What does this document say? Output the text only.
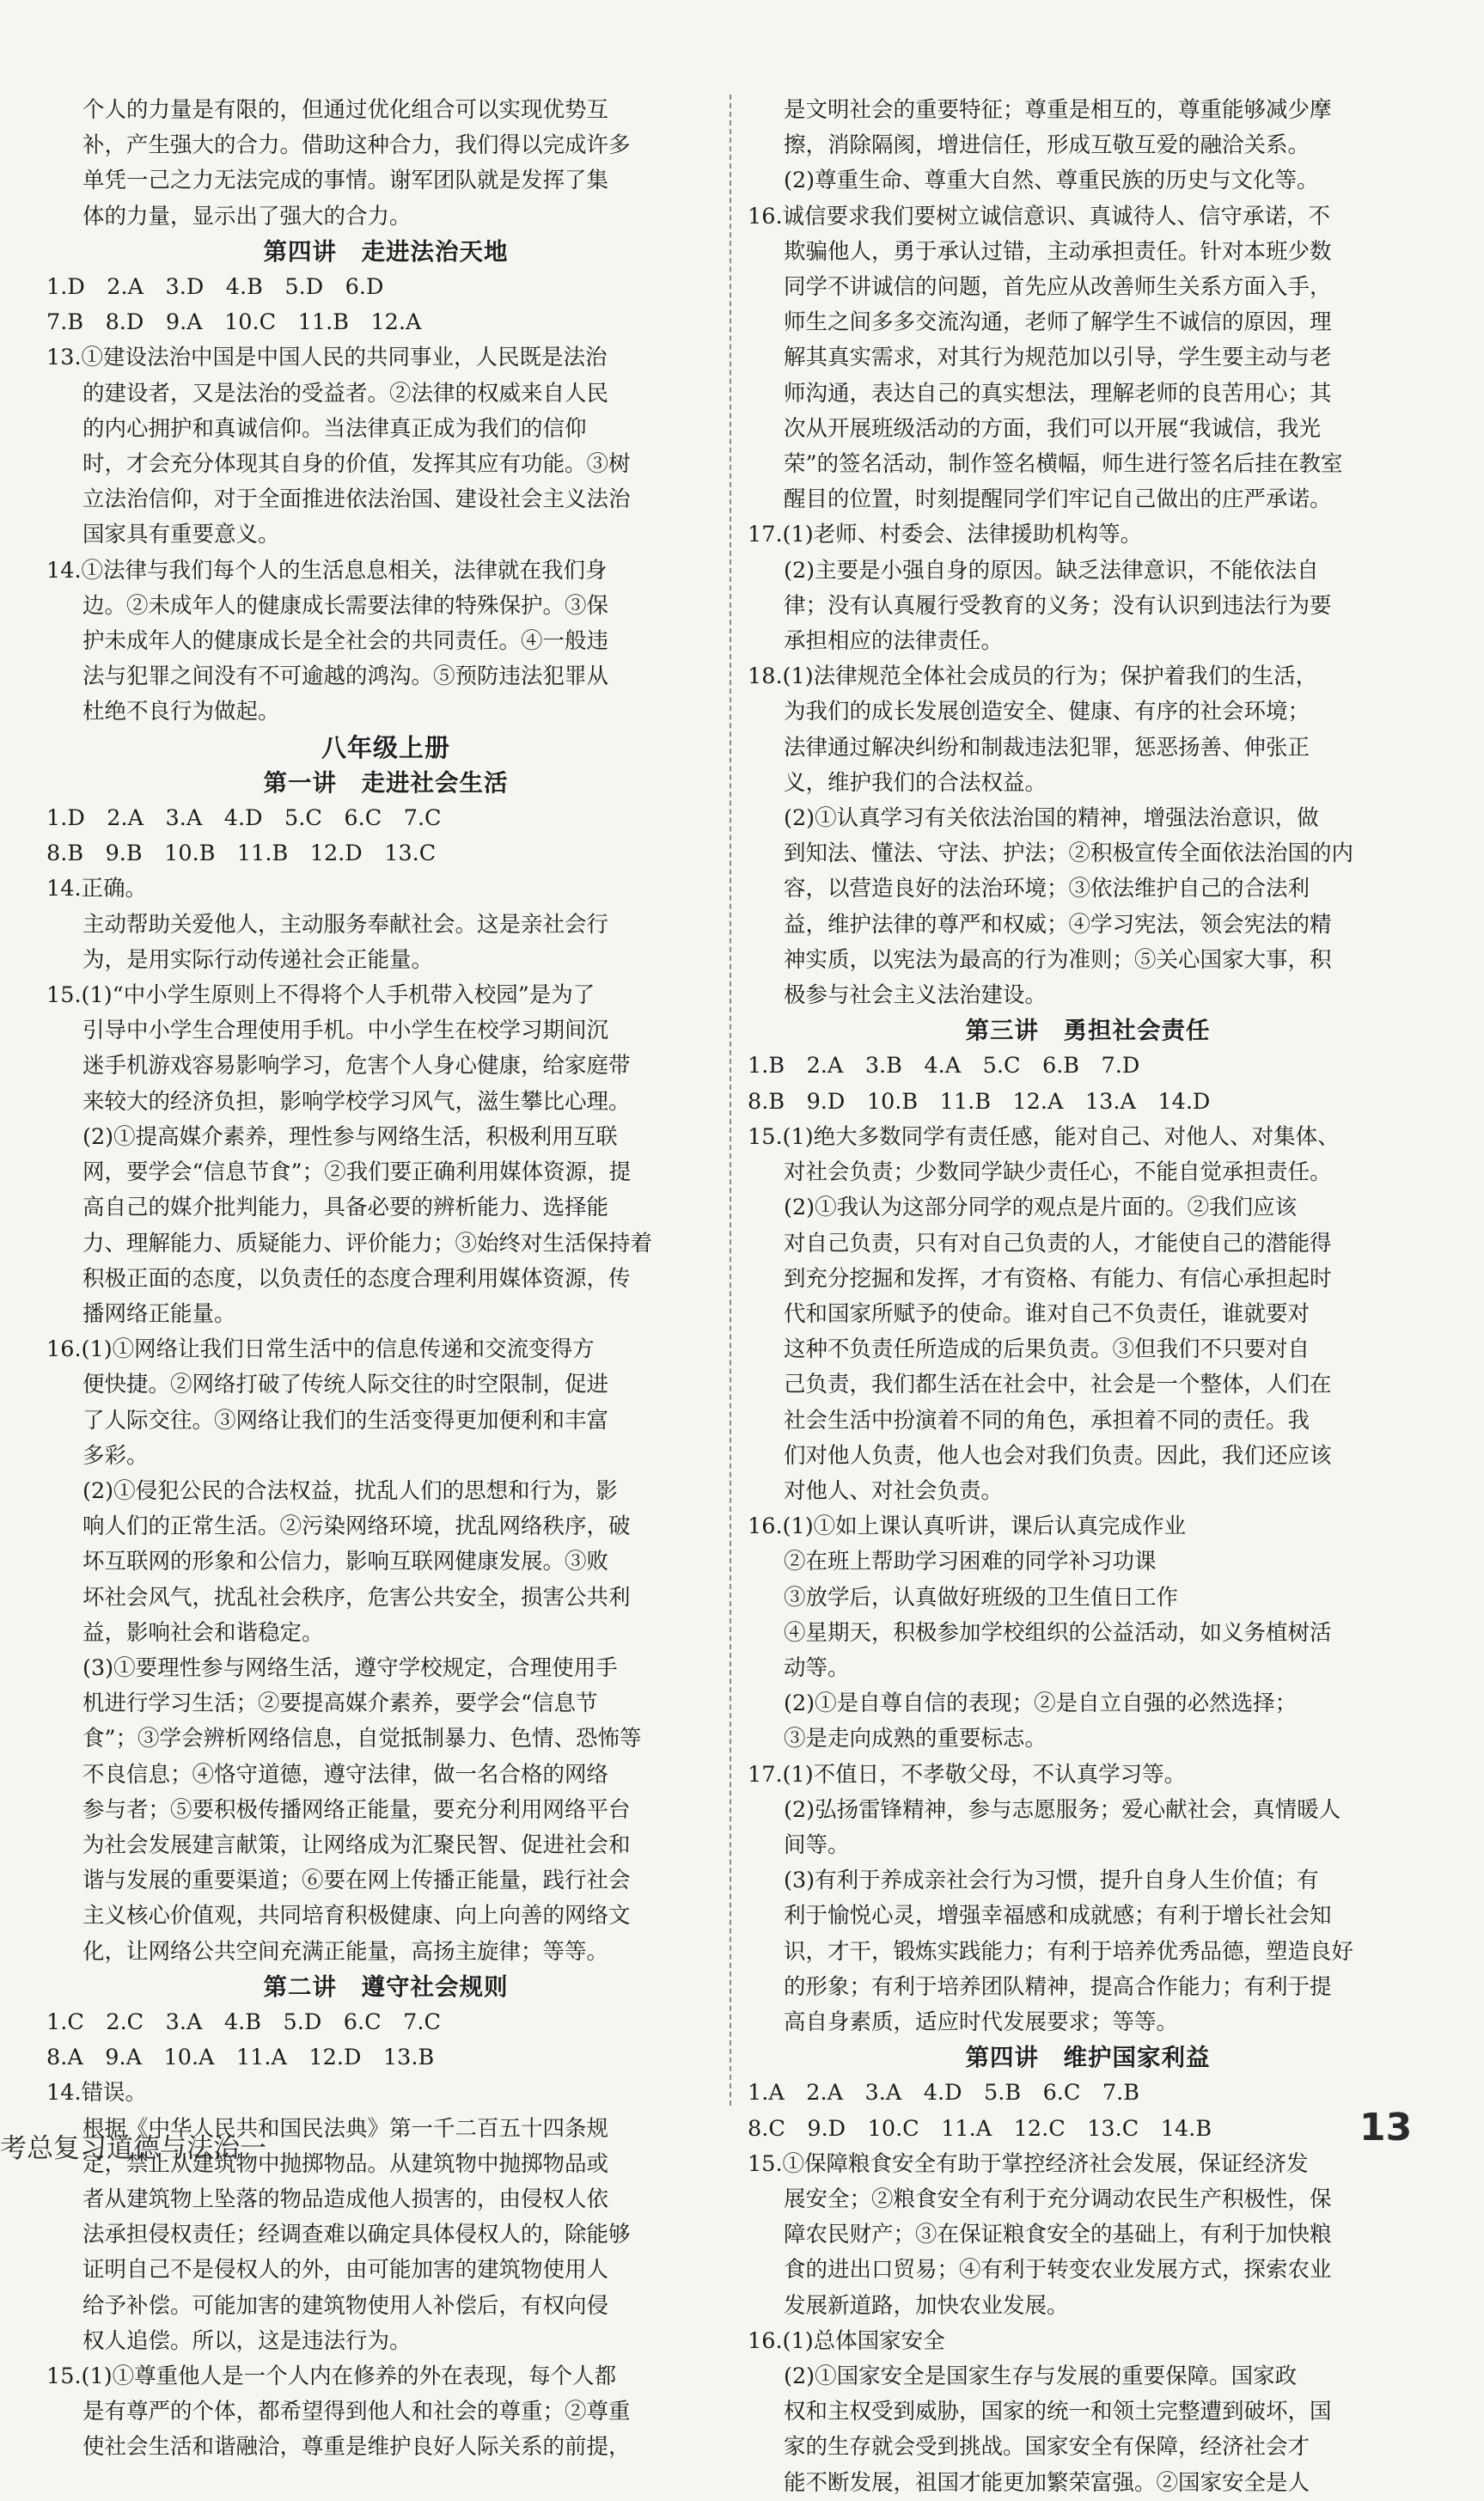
个人的力量是有限的，但通过优化组合可以实现优势互
补，产生强大的合力。借助这种合力，我们得以完成许多
单凭一己之力无法完成的事情。谢军团队就是发挥了集
体的力量，显示出了强大的合力。
第四讲　走进法治天地
1.D　2.A　3.D　4.B　5.D　6.D
7.B　8.D　9.A　10.C　11.B　12.A
13.①建设法治中国是中国人民的共同事业，人民既是法治
的建设者，又是法治的受益者。②法律的权威来自人民
的内心拥护和真诚信仰。当法律真正成为我们的信仰
时，才会充分体现其自身的价值，发挥其应有功能。③树
立法治信仰，对于全面推进依法治国、建设社会主义法治
国家具有重要意义。
14.①法律与我们每个人的生活息息相关，法律就在我们身
边。②未成年人的健康成长需要法律的特殊保护。③保
护未成年人的健康成长是全社会的共同责任。④一般违
法与犯罪之间没有不可逾越的鸿沟。⑤预防违法犯罪从
杜绝不良行为做起。
八年级上册
第一讲　走进社会生活
1.D　2.A　3.A　4.D　5.C　6.C　7.C
8.B　9.B　10.B　11.B　12.D　13.C
14.正确。
主动帮助关爱他人，主动服务奉献社会。这是亲社会行
为，是用实际行动传递社会正能量。
15.(1)“中小学生原则上不得将个人手机带入校园”是为了
引导中小学生合理使用手机。中小学生在校学习期间沉
迷手机游戏容易影响学习，危害个人身心健康，给家庭带
来较大的经济负担，影响学校学习风气，滋生攀比心理。
(2)①提高媒介素养，理性参与网络生活，积极利用互联
网，要学会“信息节食”；②我们要正确利用媒体资源，提
高自己的媒介批判能力，具备必要的辨析能力、选择能
力、理解能力、质疑能力、评价能力；③始终对生活保持着
积极正面的态度，以负责任的态度合理利用媒体资源，传
播网络正能量。
16.(1)①网络让我们日常生活中的信息传递和交流变得方
便快捷。②网络打破了传统人际交往的时空限制，促进
了人际交往。③网络让我们的生活变得更加便利和丰富
多彩。
(2)①侵犯公民的合法权益，扰乱人们的思想和行为，影
响人们的正常生活。②污染网络环境，扰乱网络秩序，破
坏互联网的形象和公信力，影响互联网健康发展。③败
坏社会风气，扰乱社会秩序，危害公共安全，损害公共利
益，影响社会和谐稳定。
(3)①要理性参与网络生活，遵守学校规定，合理使用手
机进行学习生活；②要提高媒介素养，要学会“信息节
食”；③学会辨析网络信息，自觉抵制暴力、色情、恐怖等
不良信息；④恪守道德，遵守法律，做一名合格的网络
参与者；⑤要积极传播网络正能量，要充分利用网络平台
为社会发展建言献策，让网络成为汇聚民智、促进社会和
谐与发展的重要渠道；⑥要在网上传播正能量，践行社会
主义核心价值观，共同培育积极健康、向上向善的网络文
化，让网络公共空间充满正能量，高扬主旋律；等等。
第二讲　遵守社会规则
1.C　2.C　3.A　4.B　5.D　6.C　7.C
8.A　9.A　10.A　11.A　12.D　13.B
14.错误。
根据《中华人民共和国民法典》第一千二百五十四条规
定，禁止从建筑物中抛掷物品。从建筑物中抛掷物品或
者从建筑物上坠落的物品造成他人损害的，由侵权人依
法承担侵权责任；经调查难以确定具体侵权人的，除能够
证明自己不是侵权人的外，由可能加害的建筑物使用人
给予补偿。可能加害的建筑物使用人补偿后，有权向侵
权人追偿。所以，这是违法行为。
15.(1)①尊重他人是一个人内在修养的外在表现，每个人都
是有尊严的个体，都希望得到他人和社会的尊重；②尊重
使社会生活和谐融洽，尊重是维护良好人际关系的前提，
是文明社会的重要特征；尊重是相互的，尊重能够减少摩
擦，消除隔阂，增进信任，形成互敬互爱的融洽关系。
(2)尊重生命、尊重大自然、尊重民族的历史与文化等。
16.诚信要求我们要树立诚信意识、真诚待人、信守承诺，不
欺骗他人，勇于承认过错，主动承担责任。针对本班少数
同学不讲诚信的问题，首先应从改善师生关系方面入手，
师生之间多多交流沟通，老师了解学生不诚信的原因，理
解其真实需求，对其行为规范加以引导，学生要主动与老
师沟通，表达自己的真实想法，理解老师的良苦用心；其
次从开展班级活动的方面，我们可以开展“我诚信，我光
荣”的签名活动，制作签名横幅，师生进行签名后挂在教室
醒目的位置，时刻提醒同学们牢记自己做出的庄严承诺。
17.(1)老师、村委会、法律援助机构等。
(2)主要是小强自身的原因。缺乏法律意识，不能依法自
律；没有认真履行受教育的义务；没有认识到违法行为要
承担相应的法律责任。
18.(1)法律规范全体社会成员的行为；保护着我们的生活，
为我们的成长发展创造安全、健康、有序的社会环境；
法律通过解决纠纷和制裁违法犯罪，惩恶扬善、伸张正
义，维护我们的合法权益。
(2)①认真学习有关依法治国的精神，增强法治意识，做
到知法、懂法、守法、护法；②积极宣传全面依法治国的内
容，以营造良好的法治环境；③依法维护自己的合法利
益，维护法律的尊严和权威；④学习宪法，领会宪法的精
神实质，以宪法为最高的行为准则；⑤关心国家大事，积
极参与社会主义法治建设。
第三讲　勇担社会责任
1.B　2.A　3.B　4.A　5.C　6.B　7.D
8.B　9.D　10.B　11.B　12.A　13.A　14.D
15.(1)绝大多数同学有责任感，能对自己、对他人、对集体、
对社会负责；少数同学缺少责任心，不能自觉承担责任。
(2)①我认为这部分同学的观点是片面的。②我们应该
对自己负责，只有对自己负责的人，才能使自己的潜能得
到充分挖掘和发挥，才有资格、有能力、有信心承担起时
代和国家所赋予的使命。谁对自己不负责任，谁就要对
这种不负责任所造成的后果负责。③但我们不只要对自
己负责，我们都生活在社会中，社会是一个整体，人们在
社会生活中扮演着不同的角色，承担着不同的责任。我
们对他人负责，他人也会对我们负责。因此，我们还应该
对他人、对社会负责。
16.(1)①如上课认真听讲，课后认真完成作业
②在班上帮助学习困难的同学补习功课
③放学后，认真做好班级的卫生值日工作
④星期天，积极参加学校组织的公益活动，如义务植树活
动等。
(2)①是自尊自信的表现；②是自立自强的必然选择；
③是走向成熟的重要标志。
17.(1)不值日，不孝敬父母，不认真学习等。
(2)弘扬雷锋精神，参与志愿服务；爱心献社会，真情暖人
间等。
(3)有利于养成亲社会行为习惯，提升自身人生价值；有
利于愉悦心灵，增强幸福感和成就感；有利于增长社会知
识，才干，锻炼实践能力；有利于培养优秀品德，塑造良好
的形象；有利于培养团队精神，提高合作能力；有利于提
高自身素质，适应时代发展要求；等等。
第四讲　维护国家利益
1.A　2.A　3.A　4.D　5.B　6.C　7.B
8.C　9.D　10.C　11.A　12.C　13.C　14.B
15.①保障粮食安全有助于掌控经济社会发展，保证经济发
展安全；②粮食安全有利于充分调动农民生产积极性，保
障农民财产；③在保证粮食安全的基础上，有利于加快粮
食的进出口贸易；④有利于转变农业发展方式，探索农业
发展新道路，加快农业发展。
16.(1)总体国家安全
(2)①国家安全是国家生存与发展的重要保障。国家政
权和主权受到威胁，国家的统一和领土完整遭到破坏，国
家的生存就会受到挑战。国家安全有保障，经济社会才
能不断发展，祖国才能更加繁荣富强。②国家安全是人
考总复习道德与法治一	13
